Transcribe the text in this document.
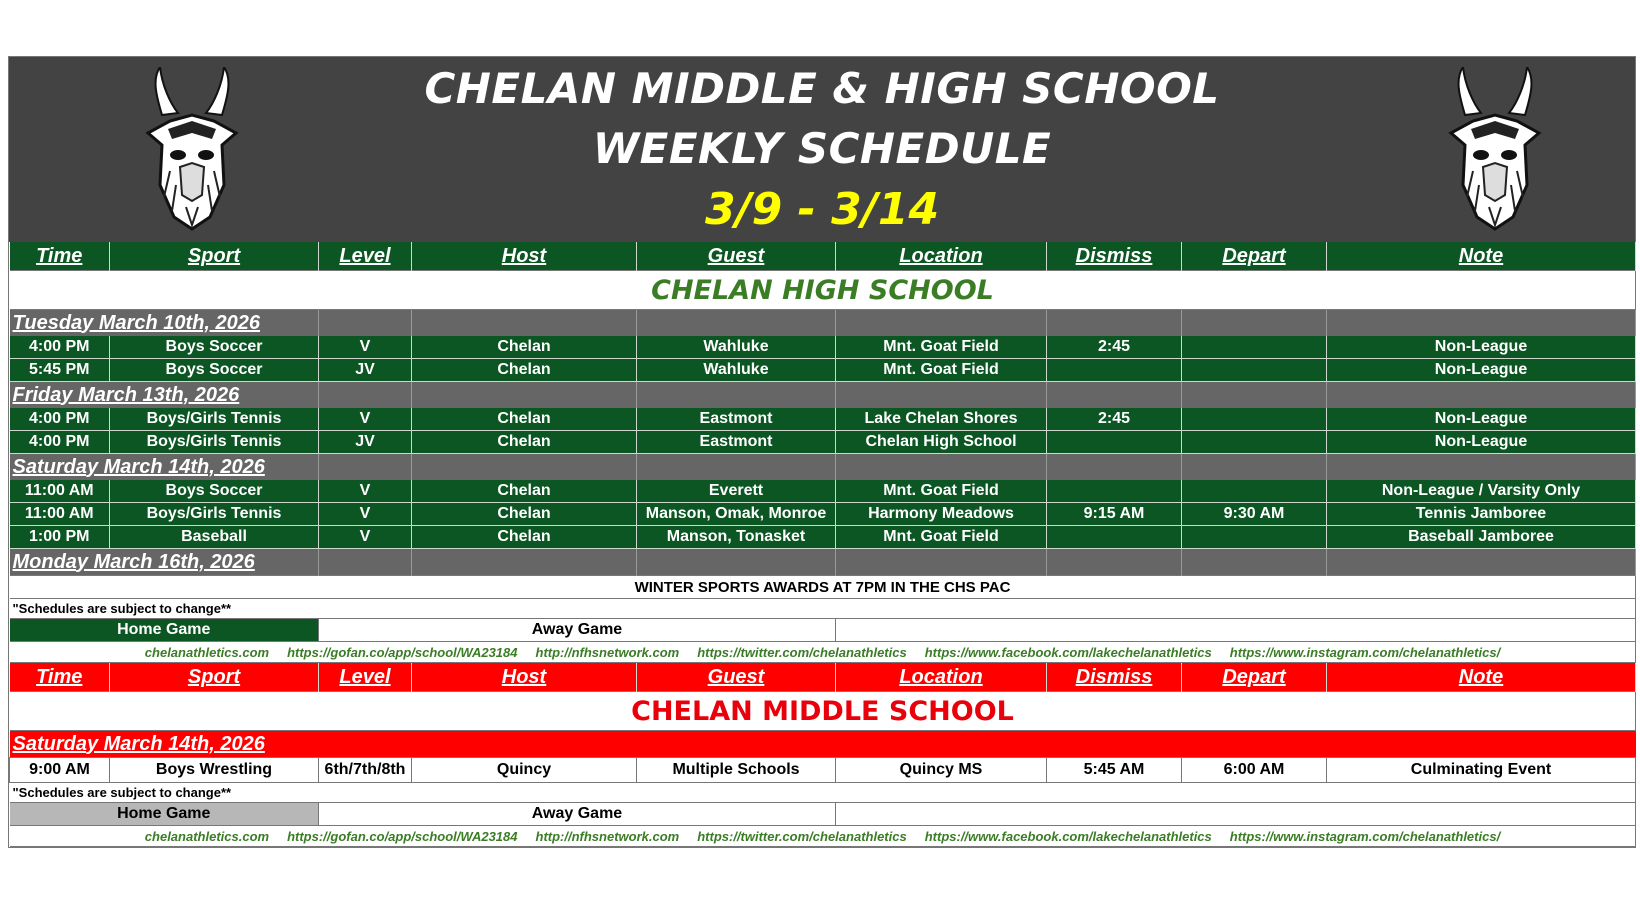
CHELAN MIDDLE & HIGH SCHOOL
WEEKLY SCHEDULE
3/9 - 3/14
Time	Sport	Level	Host	Guest	Location	Dismiss	Depart	Note
CHELAN HIGH SCHOOL								
Tuesday March 10th, 2026								
4:00 PM	Boys Soccer	V	Chelan	Wahluke	Mnt. Goat Field	2:45		Non-League
5:45 PM	Boys Soccer	JV	Chelan	Wahluke	Mnt. Goat Field			Non-League
Friday March 13th, 2026								
4:00 PM	Boys/Girls Tennis	V	Chelan	Eastmont	Lake Chelan Shores	2:45		Non-League
4:00 PM	Boys/Girls Tennis	JV	Chelan	Eastmont	Chelan High School			Non-League
Saturday March 14th, 2026								
11:00 AM	Boys Soccer	V	Chelan	Everett	Mnt. Goat Field			Non-League / Varsity Only
11:00 AM	Boys/Girls Tennis	V	Chelan	Manson, Omak, Monroe	Harmony Meadows	9:15 AM	9:30 AM	Tennis Jamboree
1:00 PM	Baseball	V	Chelan	Manson, Tonasket	Mnt. Goat Field			Baseball Jamboree
Monday March 16th, 2026								
WINTER SPORTS AWARDS AT 7PM IN THE CHS PAC								
"Schedules are subject to change**								
Home Game		Away Game						
chelanathletics.com https://gofan.co/app/school/WA23184 http://nfhsnetwork.com https://twitter.com/chelanathletics https://www.facebook.com/lakechelanathletics https://www.instagram.com/chelanathletics/								
Time	Sport	Level	Host	Guest	Location	Dismiss	Depart	Note
CHELAN MIDDLE SCHOOL								
Saturday March 14th, 2026								
9:00 AM	Boys Wrestling	6th/7th/8th	Quincy	Multiple Schools	Quincy MS	5:45 AM	6:00 AM	Culminating Event
"Schedules are subject to change**								
Home Game		Away Game						
chelanathletics.com https://gofan.co/app/school/WA23184 http://nfhsnetwork.com https://twitter.com/chelanathletics https://www.facebook.com/lakechelanathletics https://www.instagram.com/chelanathletics/								
